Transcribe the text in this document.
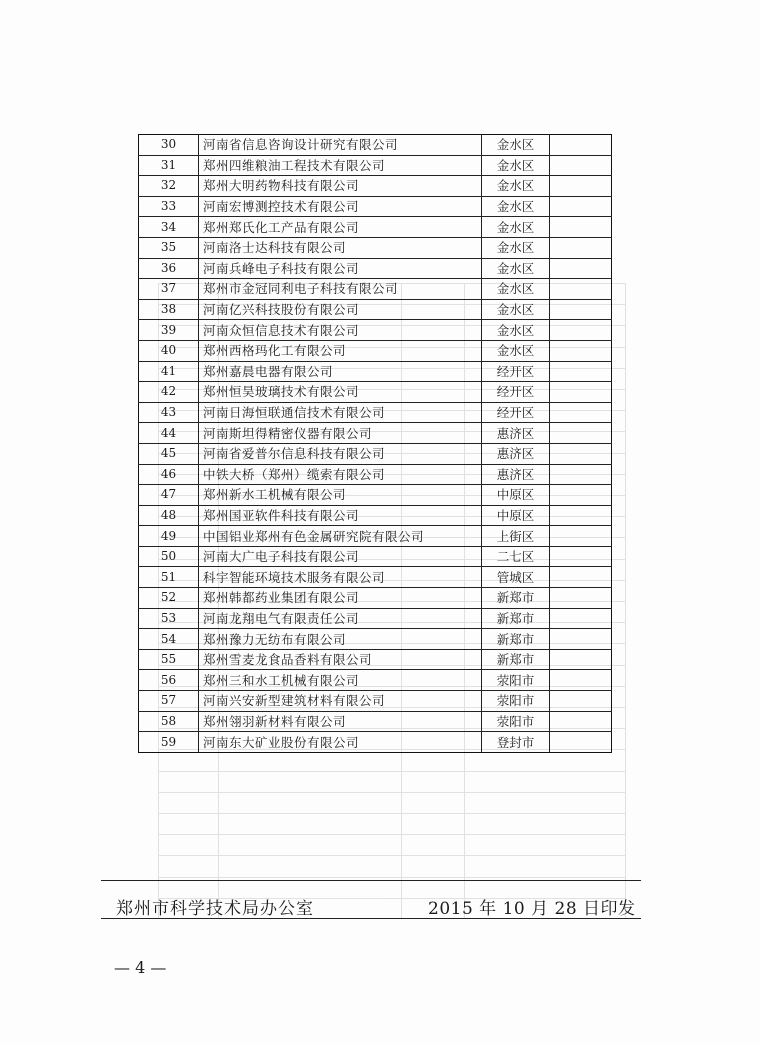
30	河南省信息咨询设计研究有限公司	金水区	
31	郑州四维粮油工程技术有限公司	金水区	
32	郑州大明药物科技有限公司	金水区	
33	河南宏博测控技术有限公司	金水区	
34	郑州郑氏化工产品有限公司	金水区	
35	河南洛士达科技有限公司	金水区	
36	河南兵峰电子科技有限公司	金水区	
37	郑州市金冠同利电子科技有限公司	金水区	
38	河南亿兴科技股份有限公司	金水区	
39	河南众恒信息技术有限公司	金水区	
40	郑州西格玛化工有限公司	金水区	
41	郑州嘉晨电器有限公司	经开区	
42	郑州恒昊玻璃技术有限公司	经开区	
43	河南日海恒联通信技术有限公司	经开区	
44	河南斯坦得精密仪器有限公司	惠济区	
45	河南省爱普尔信息科技有限公司	惠济区	
46	中铁大桥（郑州）缆索有限公司	惠济区	
47	郑州新水工机械有限公司	中原区	
48	郑州国亚软件科技有限公司	中原区	
49	中国铝业郑州有色金属研究院有限公司	上街区	
50	河南大广电子科技有限公司	二七区	
51	科宇智能环境技术服务有限公司	管城区	
52	郑州韩都药业集团有限公司	新郑市	
53	河南龙翔电气有限责任公司	新郑市	
54	郑州豫力无纺布有限公司	新郑市	
55	郑州雪麦龙食品香料有限公司	新郑市	
56	郑州三和水工机械有限公司	荥阳市	
57	河南兴安新型建筑材料有限公司	荥阳市	
58	郑州翎羽新材料有限公司	荥阳市	
59	河南东大矿业股份有限公司	登封市	
郑州市科学技术局办公室	2015 年 10 月 28 日印发
— 4 —
